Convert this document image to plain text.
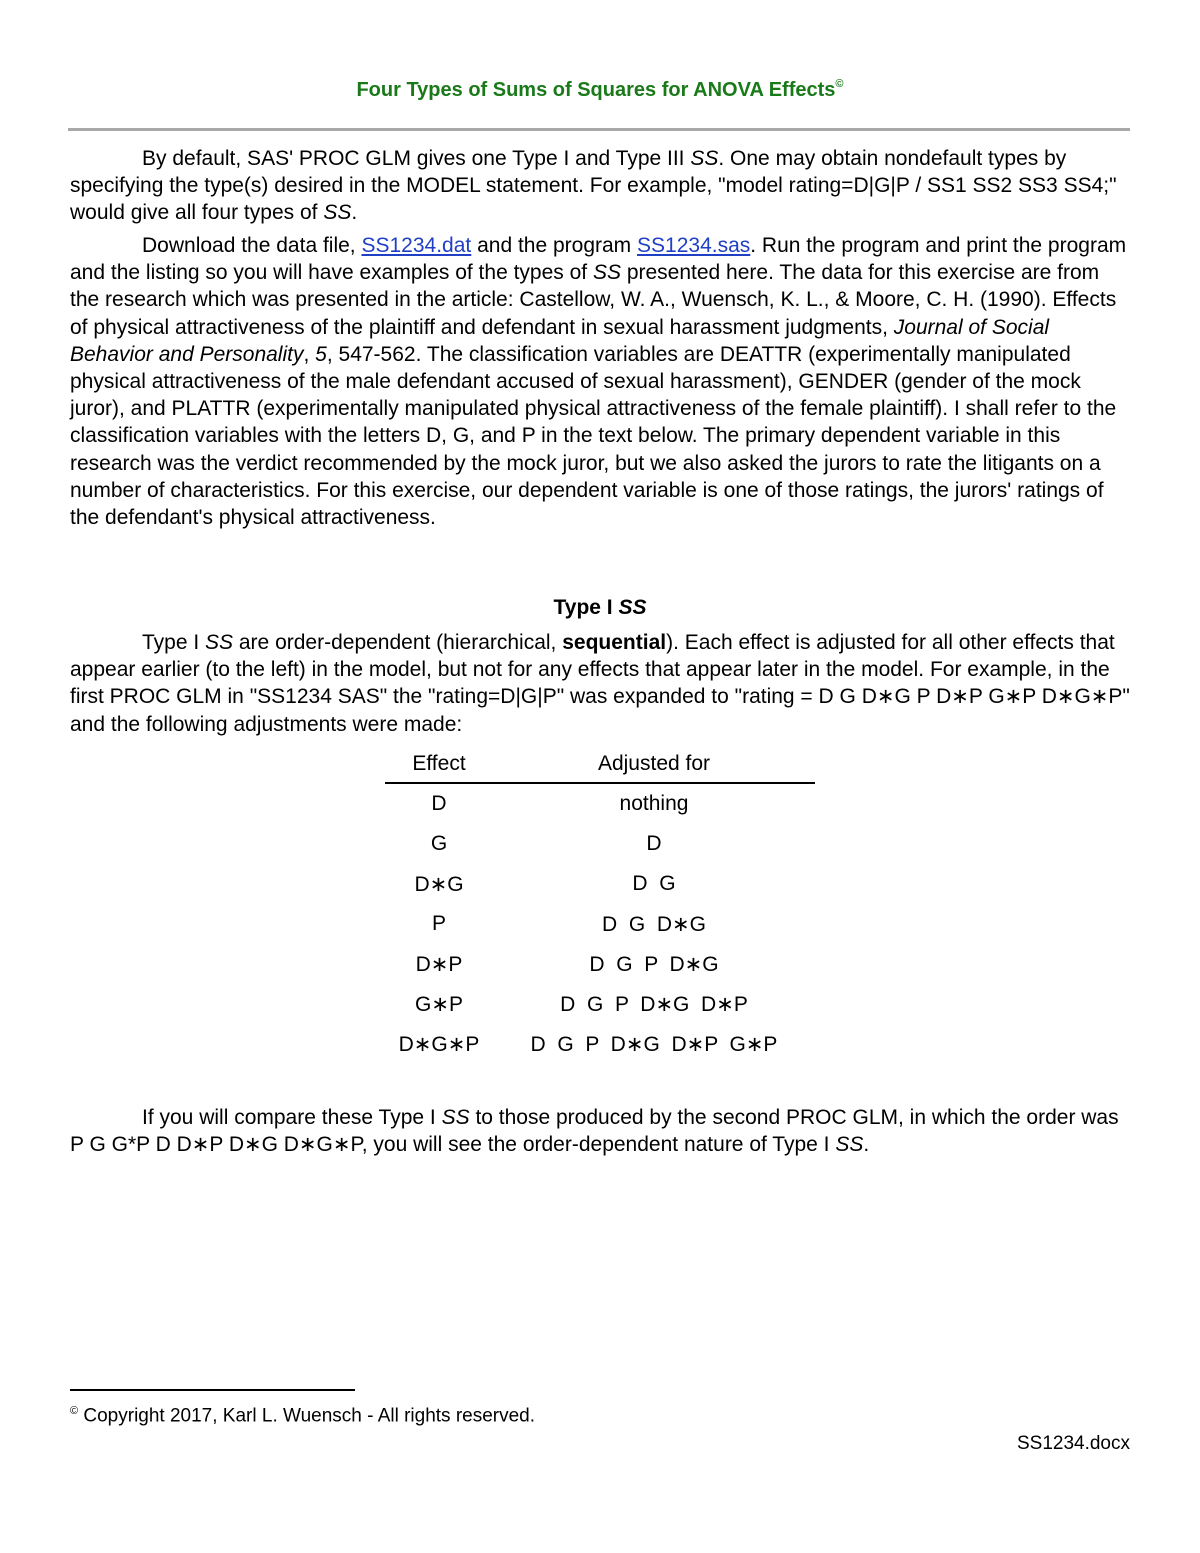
Four Types of Sums of Squares for ANOVA Effects©

By default, SAS' PROC GLM gives one Type I and Type III SS. One may obtain nondefault types by specifying the type(s) desired in the MODEL statement. For example, "model rating=D|G|P / SS1 SS2 SS3 SS4;" would give all four types of SS.

Download the data file, SS1234.dat and the program SS1234.sas. Run the program and print the program and the listing so you will have examples of the types of SS presented here. The data for this exercise are from the research which was presented in the article: Castellow, W. A., Wuensch, K. L., & Moore, C. H. (1990). Effects of physical attractiveness of the plaintiff and defendant in sexual harassment judgments, Journal of Social Behavior and Personality, 5, 547-562. The classification variables are DEATTR (experimentally manipulated physical attractiveness of the male defendant accused of sexual harassment), GENDER (gender of the mock juror), and PLATTR (experimentally manipulated physical attractiveness of the female plaintiff). I shall refer to the classification variables with the letters D, G, and P in the text below. The primary dependent variable in this research was the verdict recommended by the mock juror, but we also asked the jurors to rate the litigants on a number of characteristics. For this exercise, our dependent variable is one of those ratings, the jurors' ratings of the defendant's physical attractiveness.

Type I SS

Type I SS are order-dependent (hierarchical, sequential). Each effect is adjusted for all other effects that appear earlier (to the left) in the model, but not for any effects that appear later in the model. For example, in the first PROC GLM in "SS1234 SAS" the "rating=D|G|P" was expanded to "rating = D G D∗G P D∗P G∗P D∗G∗P" and the following adjustments were made:

Effect	Adjusted for
D	nothing
G	D
D∗G	D  G
P	D  G  D∗G
D∗P	D  G  P  D∗G
G∗P	D  G  P  D∗G  D∗P
D∗G∗P	D  G  P  D∗G  D∗P  G∗P

If you will compare these Type I SS to those produced by the second PROC GLM, in which the order was P G G*P D D∗P D∗G D∗G∗P, you will see the order-dependent nature of Type I SS.

© Copyright 2017, Karl L. Wuensch - All rights reserved.
SS1234.docx
